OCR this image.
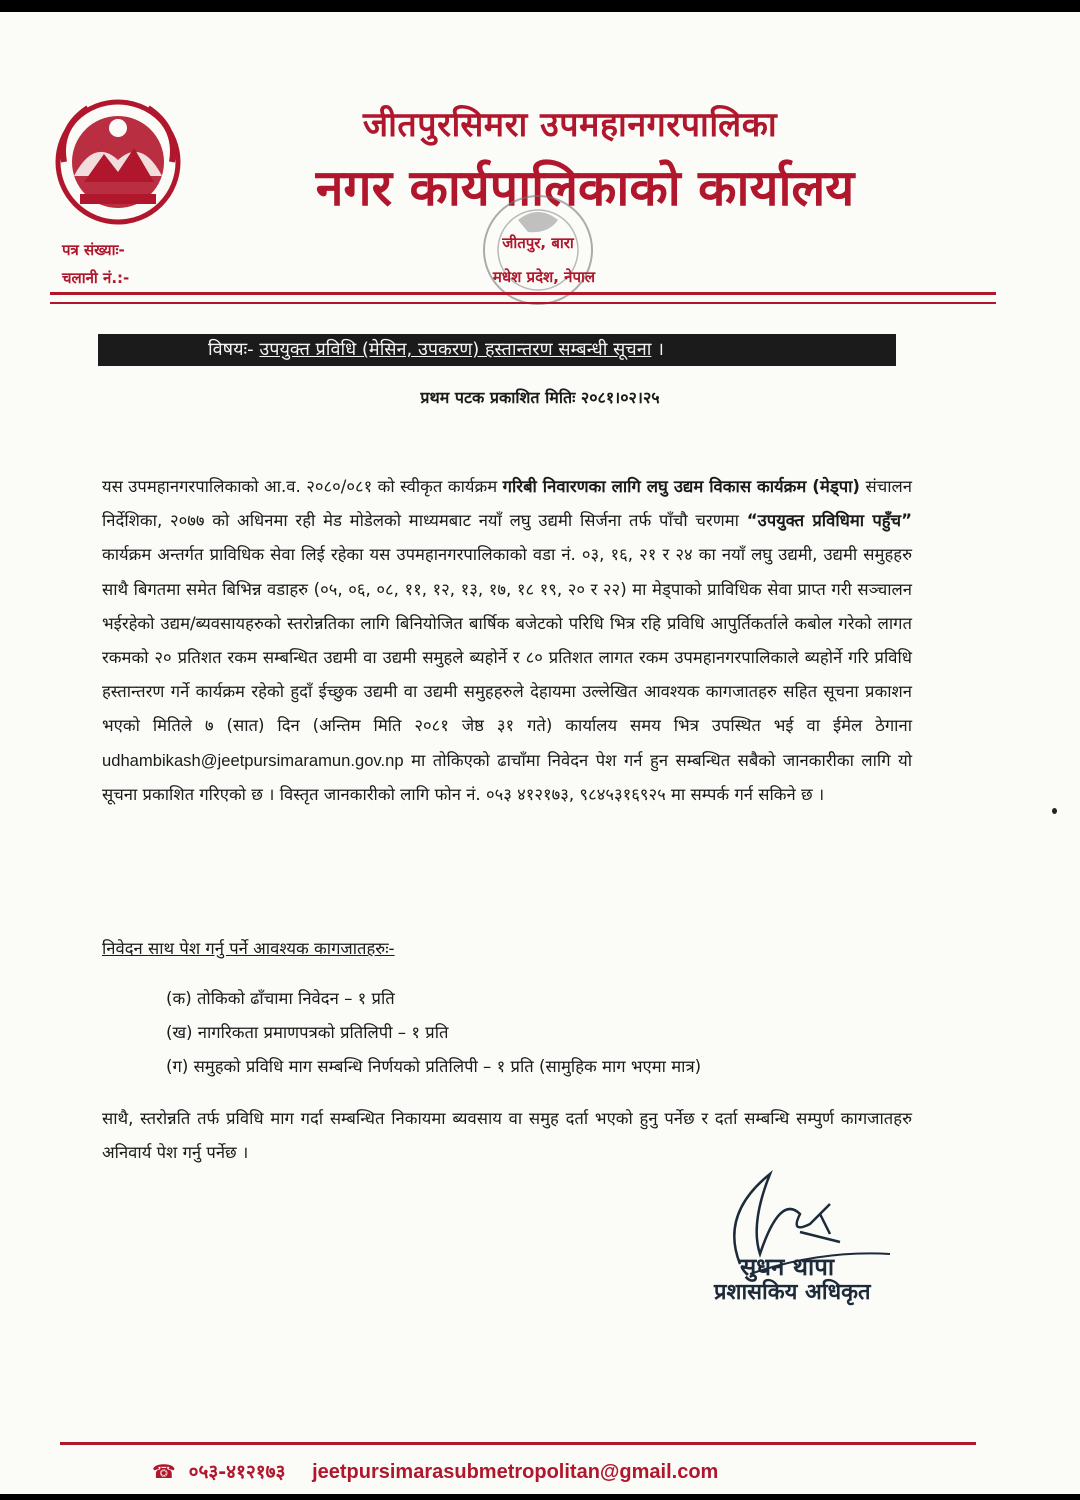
जीतपुरसिमरा उपमहानगरपालिका
नगर कार्यपालिकाको कार्यालय
पत्र संख्याः-
चलानी नं.:-
जीतपुर, बारा
मधेश प्रदेश, नेपाल
विषयः- उपयुक्त प्रविधि (मेसिन, उपकरण) हस्तान्तरण सम्बन्धी सूचना ।
प्रथम पटक प्रकाशित मितिः २०८१।०२।२५
यस उपमहानगरपालिकाको आ.व. २०८०/०८१ को स्वीकृत कार्यक्रम गरिबी निवारणका लागि लघु उद्यम विकास कार्यक्रम (मेड्पा) संचालन निर्देशिका, २०७७ को अधिनमा रही मेड मोडेलको माध्यमबाट नयाँ लघु उद्यमी सिर्जना तर्फ पाँचौ चरणमा “उपयुक्त प्रविधिमा पहुँच” कार्यक्रम अन्तर्गत प्राविधिक सेवा लिई रहेका यस उपमहानगरपालिकाको वडा नं. ०३, १६, २१ र २४ का नयाँ लघु उद्यमी, उद्यमी समुहहरु साथै बिगतमा समेत बिभिन्न वडाहरु (०५, ०६, ०८, ११, १२, १३, १७, १८ १९, २० र २२) मा मेड्पाको प्राविधिक सेवा प्राप्त गरी सञ्चालन भईरहेको उद्यम/ब्यवसायहरुको स्तरोन्नतिका लागि बिनियोजित बार्षिक बजेटको परिधि भित्र रहि प्रविधि आपुर्तिकर्ताले कबोल गरेको लागत रकमको २० प्रतिशत रकम सम्बन्धित उद्यमी वा उद्यमी समुहले ब्यहोर्ने र ८० प्रतिशत लागत रकम उपमहानगरपालिकाले ब्यहोर्ने गरि प्रविधि हस्तान्तरण गर्ने कार्यक्रम रहेको हुदाँ ईच्छुक उद्यमी वा उद्यमी समुहहरुले देहायमा उल्लेखित आवश्यक कागजातहरु सहित सूचना प्रकाशन भएको मितिले ७ (सात) दिन (अन्तिम मिति २०८१ जेष्ठ ३१ गते) कार्यालय समय भित्र उपस्थित भई वा ईमेल ठेगाना udhambikash@jeetpursimaramun.gov.np मा तोकिएको ढाचाँमा निवेदन पेश गर्न हुन सम्बन्धित सबैको जानकारीका लागि यो सूचना प्रकाशित गरिएको छ । विस्तृत जानकारीको लागि फोन नं. ०५३ ४१२१७३, ९८४५३१६९२५ मा सम्पर्क गर्न सकिने छ ।
निवेदन साथ पेश गर्नु पर्ने आवश्यक कागजातहरुः-
(क) तोकिको ढाँचामा निवेदन – १ प्रति
(ख) नागरिकता प्रमाणपत्रको प्रतिलिपी – १ प्रति
(ग) समुहको प्रविधि माग सम्बन्धि निर्णयको प्रतिलिपी – १ प्रति (सामुहिक माग भएमा मात्र)
साथै, स्तरोन्नति तर्फ प्रविधि माग गर्दा सम्बन्धित निकायमा ब्यवसाय वा समुह दर्ता भएको हुनु पर्नेछ र दर्ता सम्बन्धि सम्पुर्ण कागजातहरु अनिवार्य पेश गर्नु पर्नेछ ।
सुधन थापा
प्रशासकिय अधिकृत
☎ ०५३-४१२१७३ jeetpursimarasubmetropolitan@gmail.com
